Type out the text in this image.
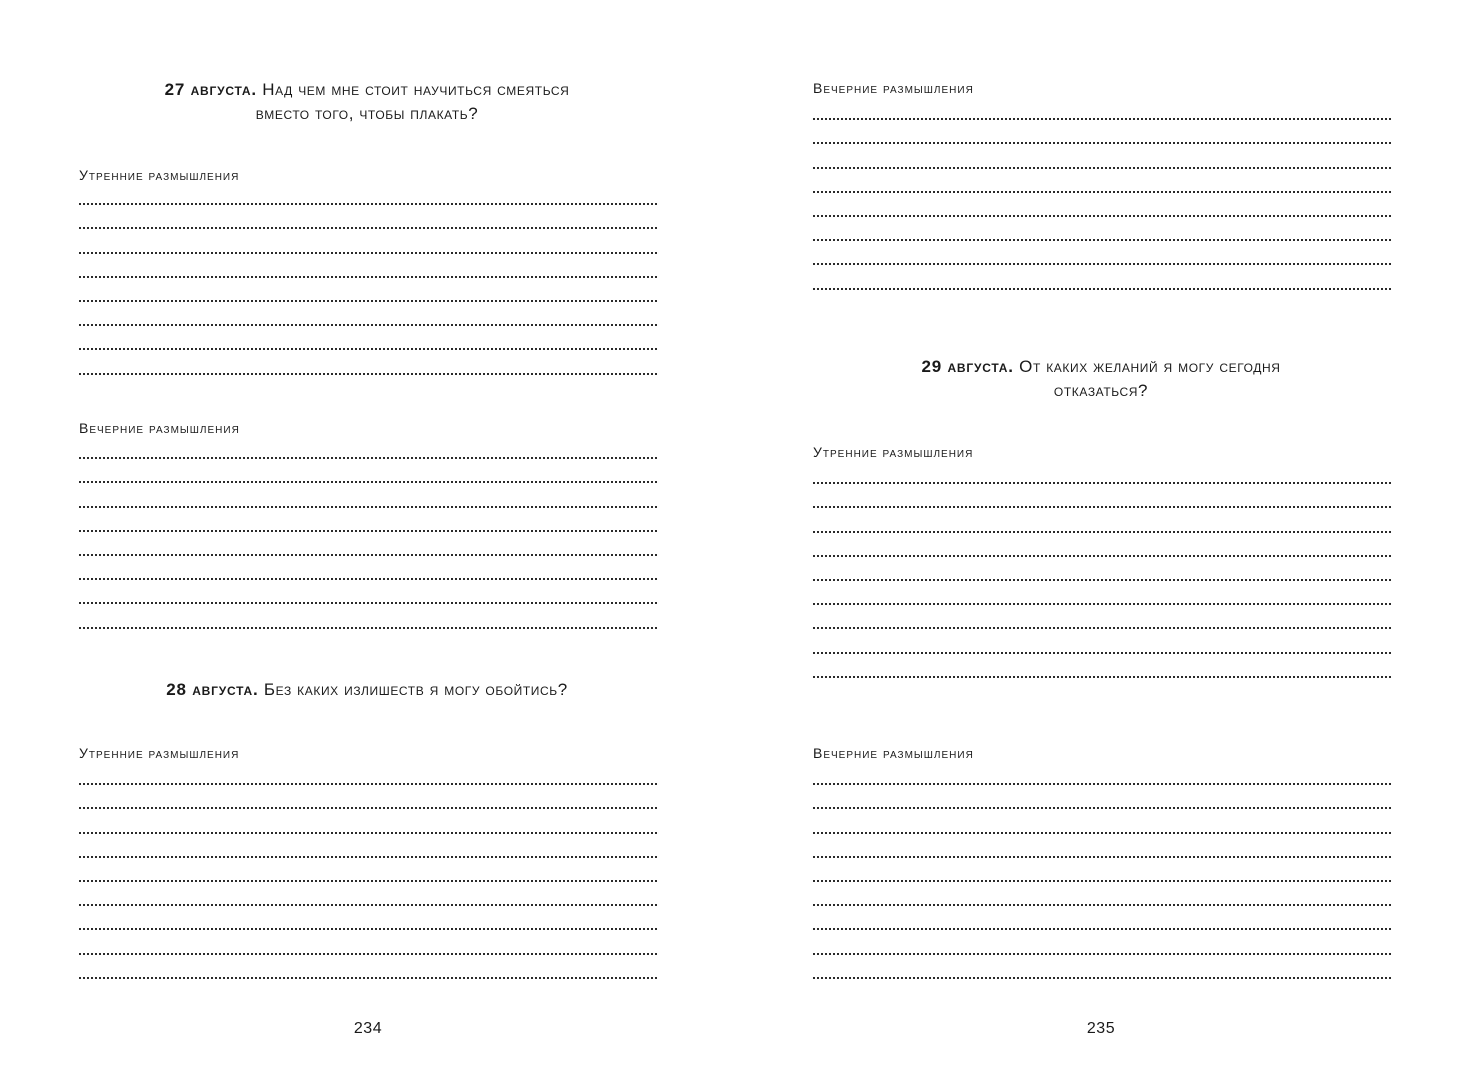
27 августа. Над чем мне стоит научиться смеяться
вместо того, чтобы плакать?
Утренние размышления
Вечерние размышления
28 августа. Без каких излишеств я могу обойтись?
Утренние размышления
234
Вечерние размышления
29 августа. От каких желаний я могу сегодня
отказаться?
Утренние размышления
Вечерние размышления
235
